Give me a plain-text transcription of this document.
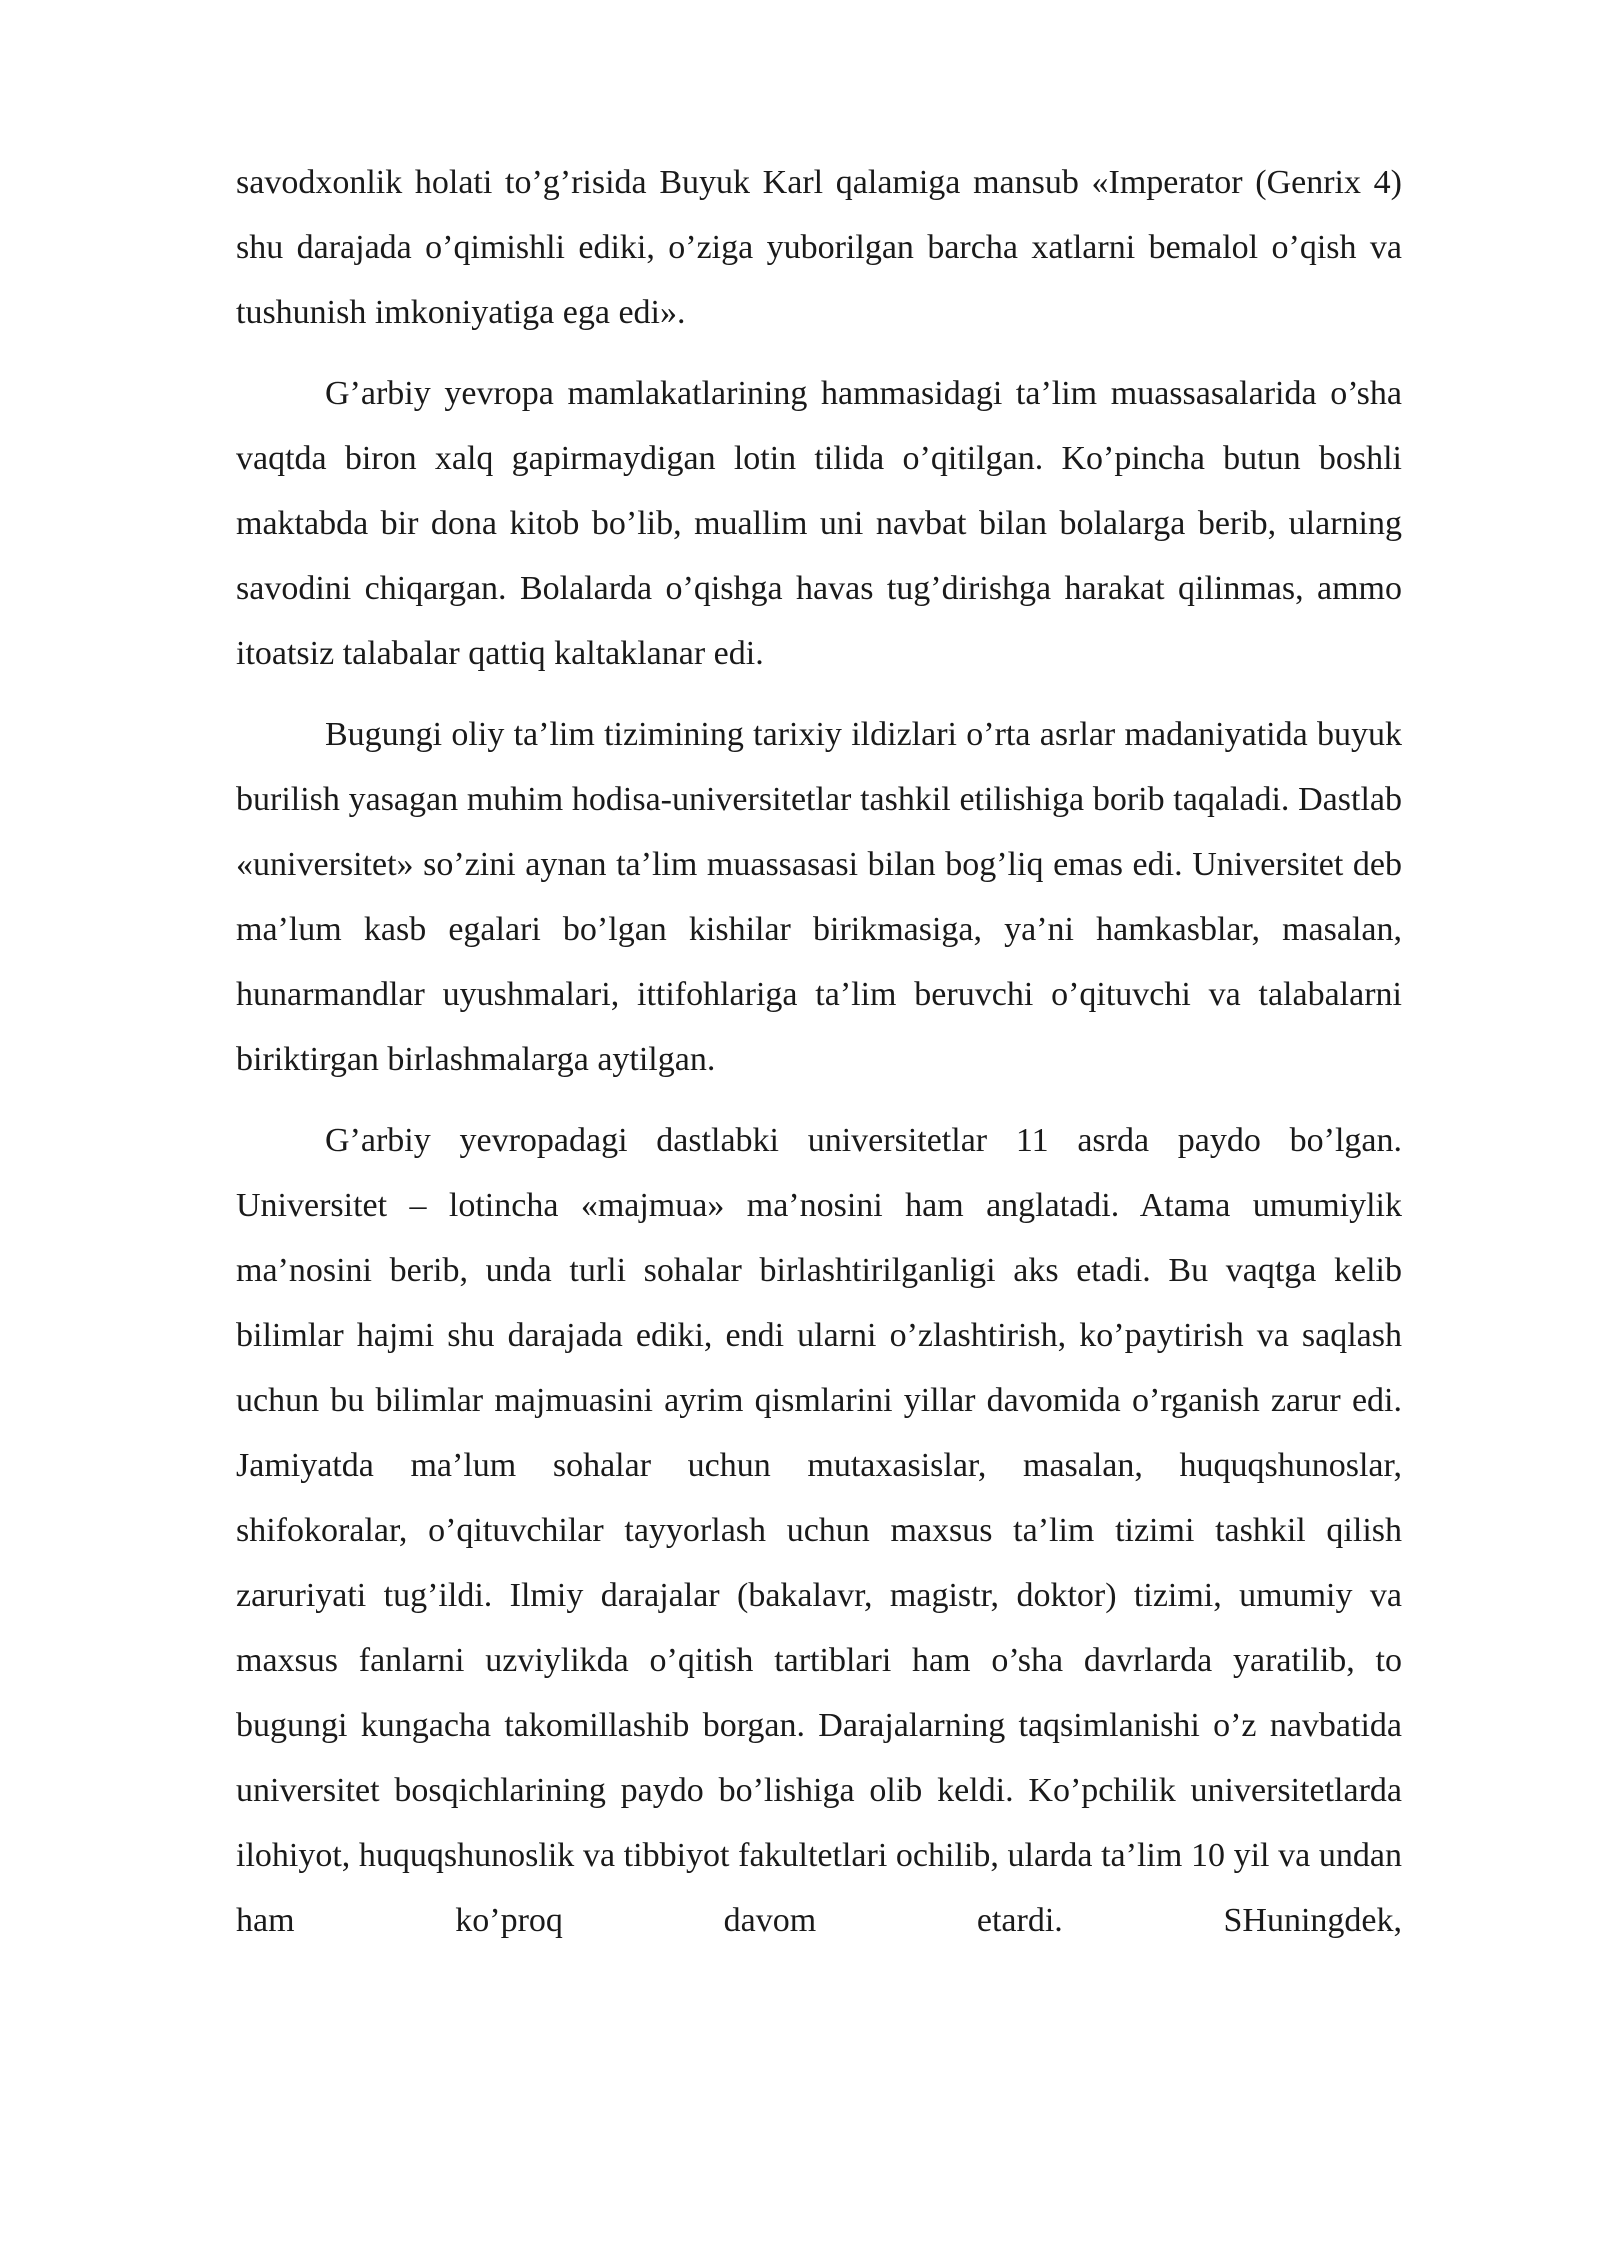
savodxonlik holati to’g’risida Buyuk Karl qalamiga mansub «Imperator (Genrix 4) shu darajada o’qimishli ediki, o’ziga yuborilgan barcha xatlarni bemalol o’qish va tushunish imkoniyatiga ega edi».

G’arbiy yevropa mamlakatlarining hammasidagi ta’lim muassasalarida o’sha vaqtda biron xalq gapirmaydigan lotin tilida o’qitilgan. Ko’pincha butun boshli maktabda bir dona kitob bo’lib, muallim uni navbat bilan bolalarga berib, ularning savodini chiqargan. Bolalarda o’qishga havas tug’dirishga harakat qilinmas, ammo itoatsiz talabalar qattiq kaltaklanar edi.

Bugungi oliy ta’lim tizimining tarixiy ildizlari o’rta asrlar madaniyatida buyuk burilish yasagan muhim hodisa-universitetlar tashkil etilishiga borib taqaladi. Dastlab «universitet» so’zini aynan ta’lim muassasasi bilan bog’liq emas edi. Universitet deb ma’lum kasb egalari bo’lgan kishilar birikmasiga, ya’ni hamkasblar, masalan, hunarmandlar uyushmalari, ittifohlariga ta’lim beruvchi o’qituvchi va talabalarni biriktirgan birlashmalarga aytilgan.

G’arbiy yevropadagi dastlabki universitetlar 11 asrda paydo bo’lgan. Universitet – lotincha «majmua» ma’nosini ham anglatadi. Atama umumiylik ma’nosini berib, unda turli sohalar birlashtirilganligi aks etadi. Bu vaqtga kelib bilimlar hajmi shu darajada ediki, endi ularni o’zlashtirish, ko’paytirish va saqlash uchun bu bilimlar majmuasini ayrim qismlarini yillar davomida o’rganish zarur edi. Jamiyatda ma’lum sohalar uchun mutaxasislar, masalan, huquqshunoslar, shifokoralar, o’qituvchilar tayyorlash uchun maxsus ta’lim tizimi tashkil qilish zaruriyati tug’ildi. Ilmiy darajalar (bakalavr, magistr, doktor) tizimi, umumiy va maxsus fanlarni uzviylikda o’qitish tartiblari ham o’sha davrlarda yaratilib, to bugungi kungacha takomillashib borgan. Darajalarning taqsimlanishi o’z navbatida universitet bosqichlarining paydo bo’lishiga olib keldi. Ko’pchilik universitetlarda ilohiyot, huquqshunoslik va tibbiyot fakultetlari ochilib, ularda ta’lim 10 yil va undan ham ko’proq davom etardi. SHuningdek,
